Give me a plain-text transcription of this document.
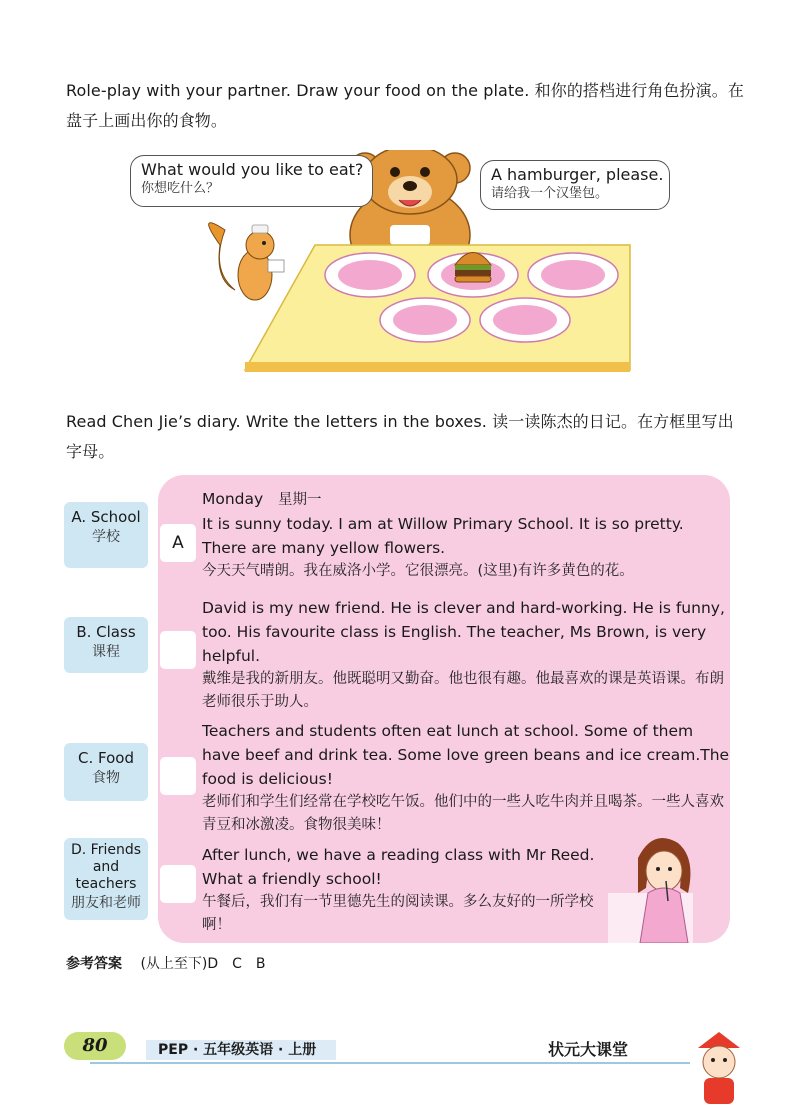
Role-play with your partner. Draw your food on the plate. 和你的搭档进行角色扮演。在盘子上画出你的食物。
What would you like to eat?
你想吃什么？
A hamburger, please.
请给我一个汉堡包。
Read Chen Jie’s diary. Write the letters in the boxes. 读一读陈杰的日记。在方框里写出字母。
A. School
学校
B. Class
课程
C. Food
食物
D. Friends and teachers
朋友和老师
A
Monday 星期一
It is sunny today. I am at Willow Primary School. It is so pretty. There are many yellow flowers.
今天天气晴朗。我在威洛小学。它很漂亮。(这里)有许多黄色的花。
David is my new friend. He is clever and hard-working. He is funny, too. His favourite class is English. The teacher, Ms Brown, is very helpful.
戴维是我的新朋友。他既聪明又勤奋。他也很有趣。他最喜欢的课是英语课。布朗老师很乐于助人。
Teachers and students often eat lunch at school. Some of them have beef and drink tea. Some love green beans and ice cream.The food is delicious!
老师们和学生们经常在学校吃午饭。他们中的一些人吃牛肉并且喝茶。一些人喜欢青豆和冰激凌。食物很美味！
After lunch, we have a reading class with Mr Reed. What a friendly school!
午餐后，我们有一节里德先生的阅读课。多么友好的一所学校啊！
参考答案 (从上至下)D　C　B
80	PEP · 五年级英语 · 上册	状元大课堂
